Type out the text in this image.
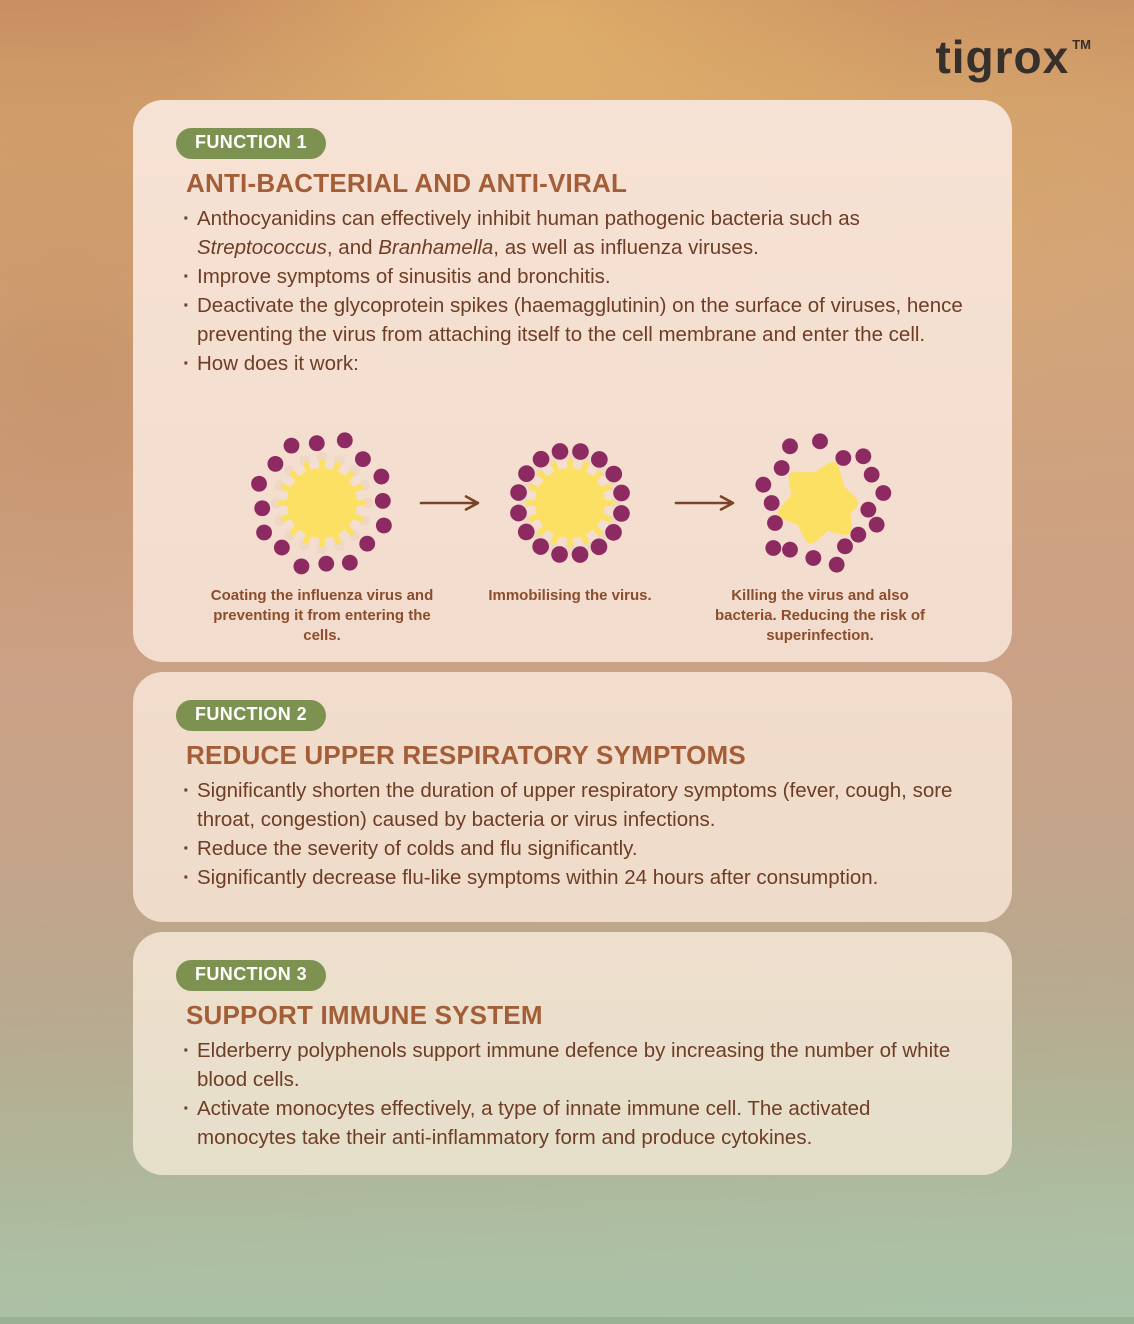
tigrox ™
FUNCTION 1
ANTI-BACTERIAL AND ANTI-VIRAL
· Anthocyanidins can effectively inhibit human pathogenic bacteria such as Streptococcus, and Branhamella, as well as influenza viruses.
· Improve symptoms of sinusitis and bronchitis.
· Deactivate the glycoprotein spikes (haemagglutinin) on the surface of viruses, hence preventing the virus from attaching itself to the cell membrane and enter the cell.
· How does it work:
Coating the influenza virus and preventing it from entering the cells.
Immobilising the virus.	Killing the virus and also bacteria. Reducing the risk of superinfection.
FUNCTION 2
REDUCE UPPER RESPIRATORY SYMPTOMS
· Significantly shorten the duration of upper respiratory symptoms (fever, cough, sore throat, congestion) caused by bacteria or virus infections.
· Reduce the severity of colds and flu significantly.
· Significantly decrease flu-like symptoms within 24 hours after consumption.
FUNCTION 3
SUPPORT IMMUNE SYSTEM
· Elderberry polyphenols support immune defence by increasing the number of white blood cells.
· Activate monocytes effectively, a type of innate immune cell. The activated monocytes take their anti-inflammatory form and produce cytokines.
